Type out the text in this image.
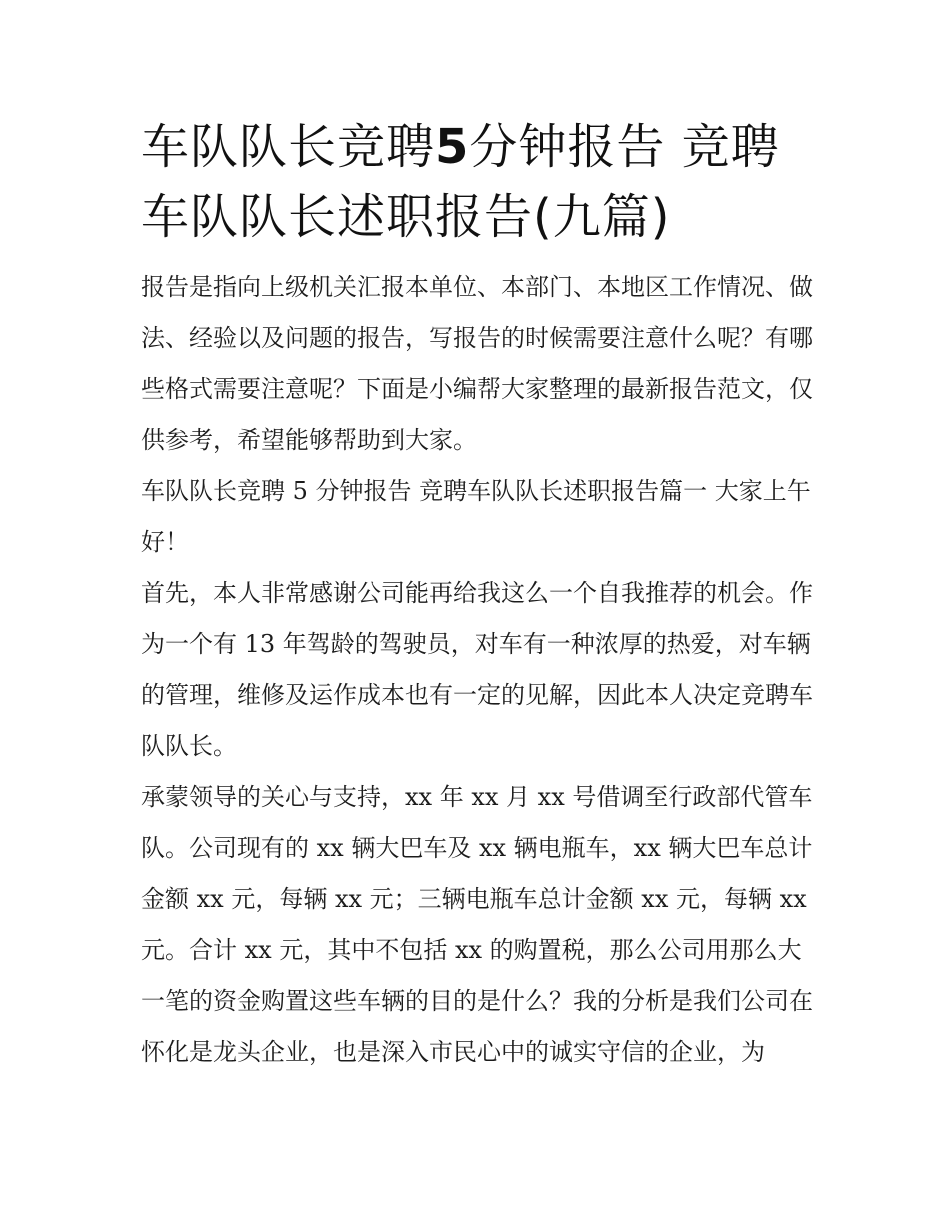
车队队长竞聘5分钟报告 竞聘
车队队长述职报告(九篇)

报告是指向上级机关汇报本单位、本部门、本地区工作情况、做法、经验以及问题的报告，写报告的时候需要注意什么呢？有哪些格式需要注意呢？下面是小编帮大家整理的最新报告范文，仅供参考，希望能够帮助到大家。

车队队长竞聘 5 分钟报告 竞聘车队队长述职报告篇一 大家上午好！

首先，本人非常感谢公司能再给我这么一个自我推荐的机会。作为一个有 13 年驾龄的驾驶员，对车有一种浓厚的热爱，对车辆的管理，维修及运作成本也有一定的见解，因此本人决定竞聘车队队长。

承蒙领导的关心与支持，xx 年 xx 月 xx 号借调至行政部代管车队。公司现有的 xx 辆大巴车及 xx 辆电瓶车，xx 辆大巴车总计金额 xx 元，每辆 xx 元；三辆电瓶车总计金额 xx 元，每辆 xx 元。合计 xx 元，其中不包括 xx 的购置税，那么公司用那么大一笔的资金购置这些车辆的目的是什么？我的分析是我们公司在怀化是龙头企业，也是深入市民心中的诚实守信的企业，为
